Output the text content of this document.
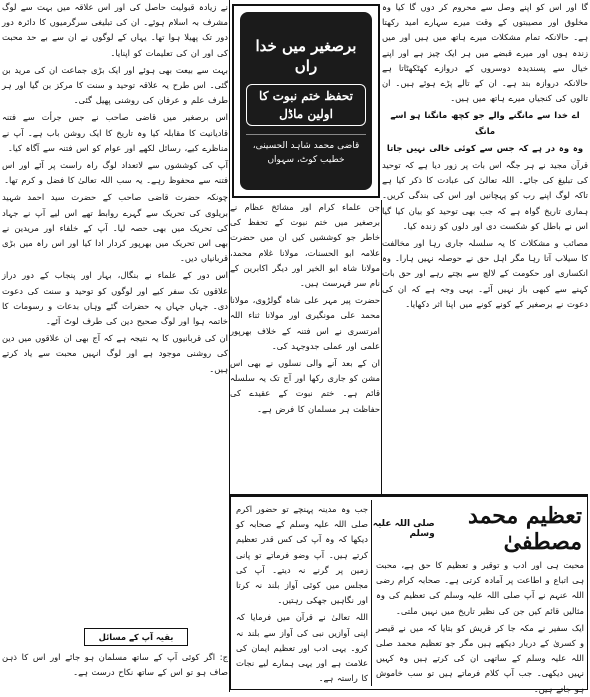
گا اور اس کو اپنے وصل سے محروم کر دوں گا کیا وہ مخلوق اور مصیبتوں کے وقت میرے سہارے امید رکھتا ہے۔ حالانکہ تمام مشکلات میرے ہاتھ میں ہیں اور میں زندہ ہوں اور میرے قبضے میں ہر ایک چیز ہے اور اپنے خیال سے پسندیدہ دوسروں کے دروازے کھٹکھٹاتا ہے حالانکہ دروازہ بند ہے۔ ان کے تالے پڑے ہوئے ہیں۔ ان تالوں کی کنجیاں میرے ہاتھ میں ہیں۔

اے خدا سے مانگنے والے جو کچھ مانگنا ہو اسے مانگ

وہ وہ در ہے کہ جس سے کوئی خالی نہیں جاتا

قرآن مجید نے ہر جگہ اس بات پر زور دیا ہے کہ توحید کی تبلیغ کی جائے۔ اللہ تعالیٰ کی عبادت کا ذکر کیا ہے تاکہ لوگ اپنے رب کو پہچانیں اور اس کی بندگی کریں۔ ہماری تاریخ گواہ ہے کہ جب بھی توحید کو بیان کیا گیا اس نے باطل کو شکست دی اور دلوں کو زندہ کیا۔

مصائب و مشکلات کا یہ سلسلہ جاری رہا اور مخالفت کا سیلاب آتا رہا مگر اہل حق نے حوصلہ نہیں ہارا۔ وہ انکساری اور حکومت کے لالچ سے بچتے رہے اور حق بات کہنے سے کبھی باز نہیں آئے۔ یہی وجہ ہے کہ ان کی دعوت نے برصغیر کے کونے کونے میں اپنا اثر دکھایا۔

برصغیر میں خدا راں
تحفظ ختم نبوت کا اولین ماڈل
قاضی محمد شاہد الحسینی، خطیب کوٹ، سہواں

جن علماء کرام اور مشائخ عظام نے برصغیر میں ختم نبوت کے تحفظ کی خاطر جو کوششیں کیں ان میں حضرت علامہ ابو الحسنات، مولانا غلام محمد، مولانا شاہ ابو الخیر اور دیگر اکابرین کے نام سر فہرست ہیں۔

حضرت پیر مہر علی شاہ گولڑوی، مولانا محمد علی مونگیری اور مولانا ثناء اللہ امرتسری نے اس فتنہ کے خلاف بھرپور علمی اور عملی جدوجہد کی۔

ان کے بعد آنے والی نسلوں نے بھی اس مشن کو جاری رکھا اور آج تک یہ سلسلہ قائم ہے۔ ختم نبوت کے عقیدے کی حفاظت ہر مسلمان کا فرض ہے۔

نے زیادہ قبولیت حاصل کی اور اس علاقہ میں بہت سے لوگ مشرف بہ اسلام ہوئے۔ ان کی تبلیغی سرگرمیوں کا دائرہ دور دور تک پھیلا ہوا تھا۔ یہاں کے لوگوں نے ان سے بے حد محبت کی اور ان کی تعلیمات کو اپنایا۔

بہت سے بیعت بھی ہوئے اور ایک بڑی جماعت ان کی مرید بن گئی۔ اس طرح یہ علاقہ توحید و سنت کا مرکز بن گیا اور ہر طرف علم و عرفان کی روشنی پھیل گئی۔

اس برصغیر میں قاضی صاحب نے جس جرأت سے فتنہ قادیانیت کا مقابلہ کیا وہ تاریخ کا ایک روشن باب ہے۔ آپ نے مناظرے کیے، رسائل لکھے اور عوام کو اس فتنہ سے آگاہ کیا۔

آپ کی کوششوں سے لاتعداد لوگ راہ راست پر آئے اور اس فتنہ سے محفوظ رہے۔ یہ سب اللہ تعالیٰ کا فضل و کرم تھا۔

چونکہ حضرت قاضی صاحب کے حضرت سید احمد شہید بریلوی کی تحریک سے گہرے روابط تھے اس لیے آپ نے جہاد کی تحریک میں بھی حصہ لیا۔ آپ کے خلفاء اور مریدین نے بھی اس تحریک میں بھرپور کردار ادا کیا اور اس راہ میں بڑی قربانیاں دیں۔

اس دور کے علماء نے بنگال، بہار اور پنجاب کے دور دراز علاقوں تک سفر کیے اور لوگوں کو توحید و سنت کی دعوت دی۔ جہاں جہاں یہ حضرات گئے وہاں بدعات و رسومات کا خاتمہ ہوا اور لوگ صحیح دین کی طرف لوٹ آئے۔

ان کی قربانیوں کا یہ نتیجہ ہے کہ آج بھی ان علاقوں میں دین کی روشنی موجود ہے اور لوگ انہیں محبت سے یاد کرتے ہیں۔

بقیہ آپ کے مسائل

ج: اگر کوئی آپ کے ساتھ مسلمان ہو جائے اور اس کا ذہن صاف ہو تو اس کے ساتھ نکاح درست ہے۔

تعظیم محمد مصطفیٰ
صلی اللہ علیہ وسلم

محبت ہی اور ادب و توقیر و تعظیم کا حق ہے، محبت ہی اتباع و اطاعت پر آمادہ کرتی ہے۔ صحابہ کرام رضی اللہ عنہم نے آپ صلی اللہ علیہ وسلم کی تعظیم کی وہ مثالیں قائم کیں جن کی نظیر تاریخ میں نہیں ملتی۔

ایک سفیر نے مکہ جا کر قریش کو بتایا کہ میں نے قیصر و کسریٰ کے دربار دیکھے ہیں مگر جو تعظیم محمد صلی اللہ علیہ وسلم کے ساتھی ان کی کرتے ہیں وہ کہیں نہیں دیکھی۔ جب آپ کلام فرماتے ہیں تو سب خاموش ہو جاتے ہیں۔

جب وہ مدینہ پہنچے تو حضور اکرم صلی اللہ علیہ وسلم کے صحابہ کو دیکھا کہ وہ آپ کی کس قدر تعظیم کرتے ہیں۔ آپ وضو فرماتے تو پانی زمین پر گرنے نہ دیتے۔ آپ کی مجلس میں کوئی آواز بلند نہ کرتا اور نگاہیں جھکی رہتیں۔

اللہ تعالیٰ نے قرآن میں فرمایا کہ اپنی آوازیں نبی کی آواز سے بلند نہ کرو۔ یہی ادب اور تعظیم ایمان کی علامت ہے اور یہی ہمارے لیے نجات کا راستہ ہے۔
